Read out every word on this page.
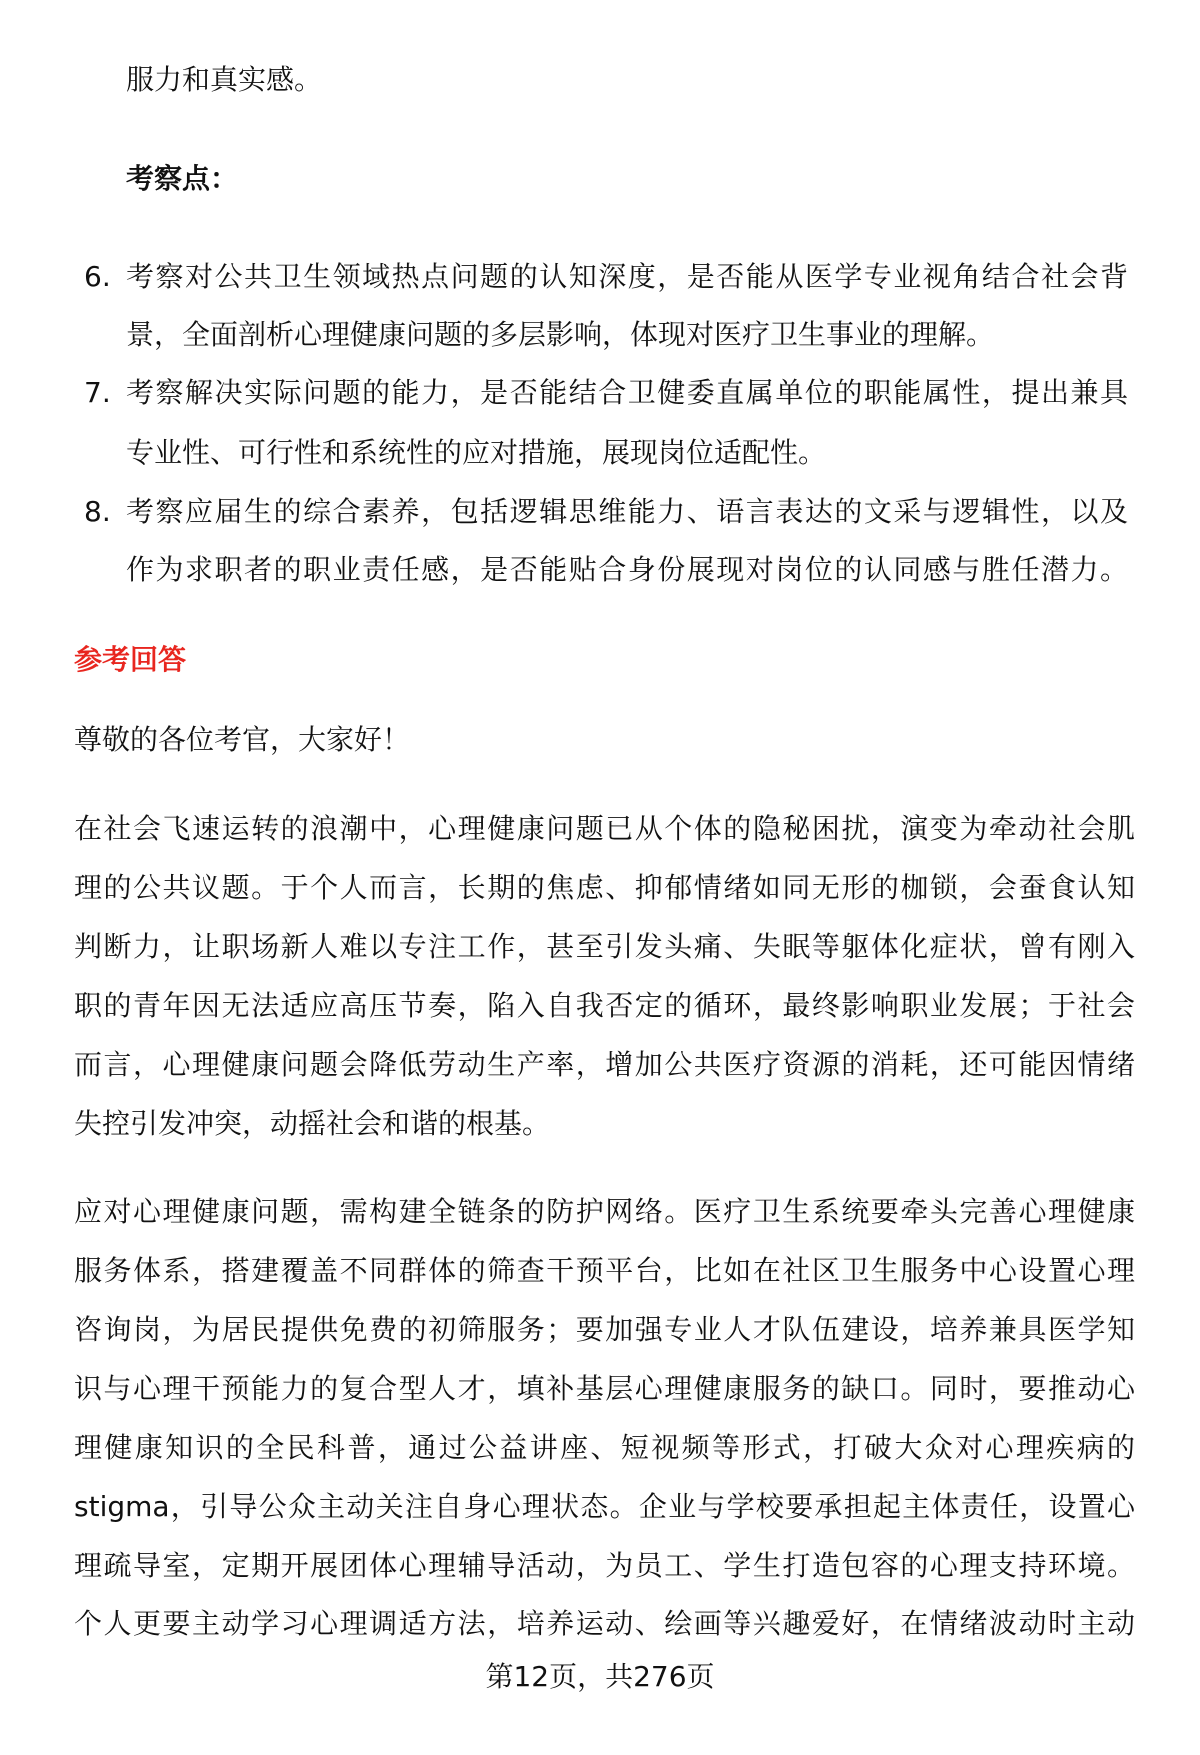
服力和真实感。
考察点：
6. 考察对公共卫生领域热点问题的认知深度，是否能从医学专业视角结合社会背
景，全面剖析心理健康问题的多层影响，体现对医疗卫生事业的理解。
7. 考察解决实际问题的能力，是否能结合卫健委直属单位的职能属性，提出兼具
专业性、可行性和系统性的应对措施，展现岗位适配性。
8. 考察应届生的综合素养，包括逻辑思维能力、语言表达的文采与逻辑性，以及
作为求职者的职业责任感，是否能贴合身份展现对岗位的认同感与胜任潜力。
参考回答
尊敬的各位考官，大家好！
在社会飞速运转的浪潮中，心理健康问题已从个体的隐秘困扰，演变为牵动社会肌
理的公共议题。于个人而言，长期的焦虑、抑郁情绪如同无形的枷锁，会蚕食认知
判断力，让职场新人难以专注工作，甚至引发头痛、失眠等躯体化症状，曾有刚入
职的青年因无法适应高压节奏，陷入自我否定的循环，最终影响职业发展；于社会
而言，心理健康问题会降低劳动生产率，增加公共医疗资源的消耗，还可能因情绪
失控引发冲突，动摇社会和谐的根基。
应对心理健康问题，需构建全链条的防护网络。医疗卫生系统要牵头完善心理健康
服务体系，搭建覆盖不同群体的筛查干预平台，比如在社区卫生服务中心设置心理
咨询岗，为居民提供免费的初筛服务；要加强专业人才队伍建设，培养兼具医学知
识与心理干预能力的复合型人才，填补基层心理健康服务的缺口。同时，要推动心
理健康知识的全民科普，通过公益讲座、短视频等形式，打破大众对心理疾病的
stigma，引导公众主动关注自身心理状态。企业与学校要承担起主体责任，设置心
理疏导室，定期开展团体心理辅导活动，为员工、学生打造包容的心理支持环境。
个人更要主动学习心理调适方法，培养运动、绘画等兴趣爱好，在情绪波动时主动
第12页，共276页
